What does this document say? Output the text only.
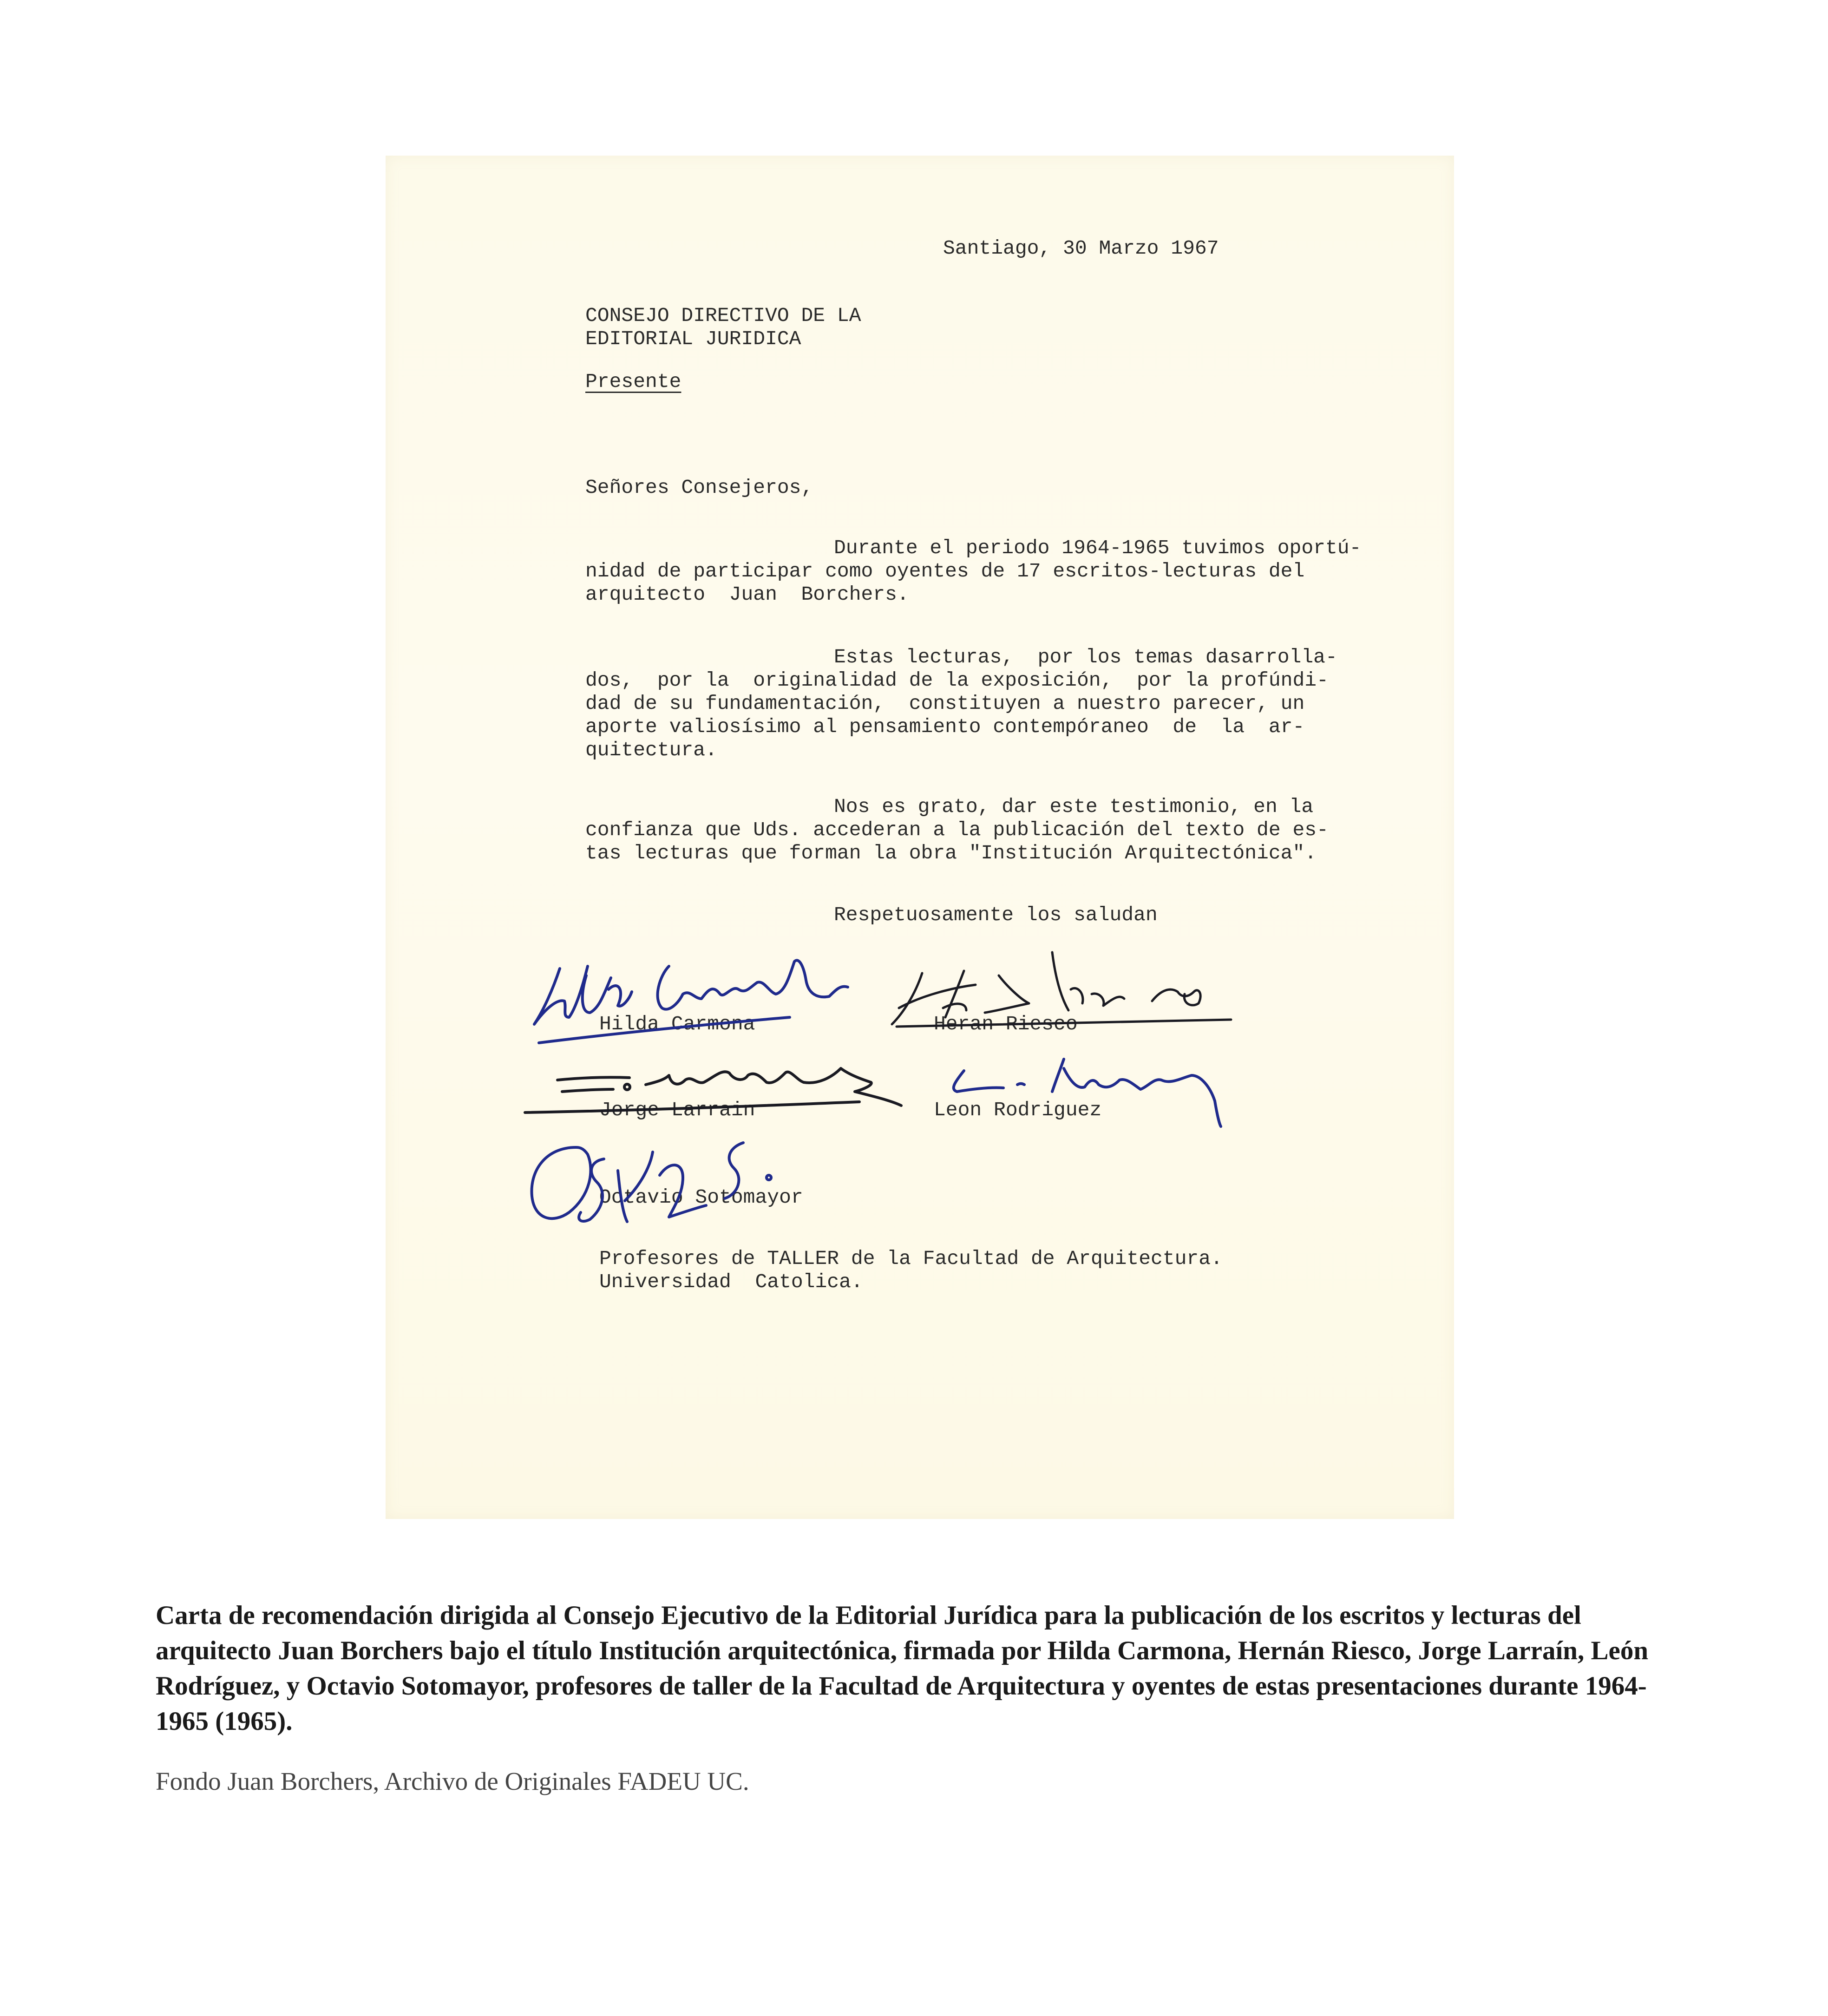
Santiago, 30 Marzo 1967

CONSEJO DIRECTIVO DE LA

EDITORIAL JURIDICA

Presente

Señores Consejeros,

Durante el periodo 1964-1965 tuvimos oportú-

nidad de participar como oyentes de 17 escritos-lecturas del

arquitecto  Juan  Borchers.

Estas lecturas,  por los temas dasarrolla-

dos,  por la  originalidad de la exposición,  por la profúndi-

dad de su fundamentación,  constituyen a nuestro parecer, un

aporte valiosísimo al pensamiento contempóraneo  de  la  ar-

quitectura.

Nos es grato, dar este testimonio, en la

confianza que Uds. accederan a la publicación del texto de es-

tas lecturas que forman la obra "Institución Arquitectónica".

Respetuosamente los saludan

Hilda Carmona	Heran Riesco

Jorge Larrain	Leon Rodriguez

Octavio Sotomayor

Profesores de TALLER de la Facultad de Arquitectura.

Universidad  Catolica.

Carta de recomendación dirigida al Consejo Ejecutivo de la Editorial Jurídica para la publicación de los escritos y lecturas del arquitecto Juan Borchers bajo el título Institución arquitectónica, firmada por Hilda Carmona, Hernán Riesco, Jorge Larraín, León Rodríguez, y Octavio Sotomayor, profesores de taller de la Facultad de Arquitectura y oyentes de estas presentaciones durante 1964-1965 (1965).

Fondo Juan Borchers, Archivo de Originales FADEU UC.
